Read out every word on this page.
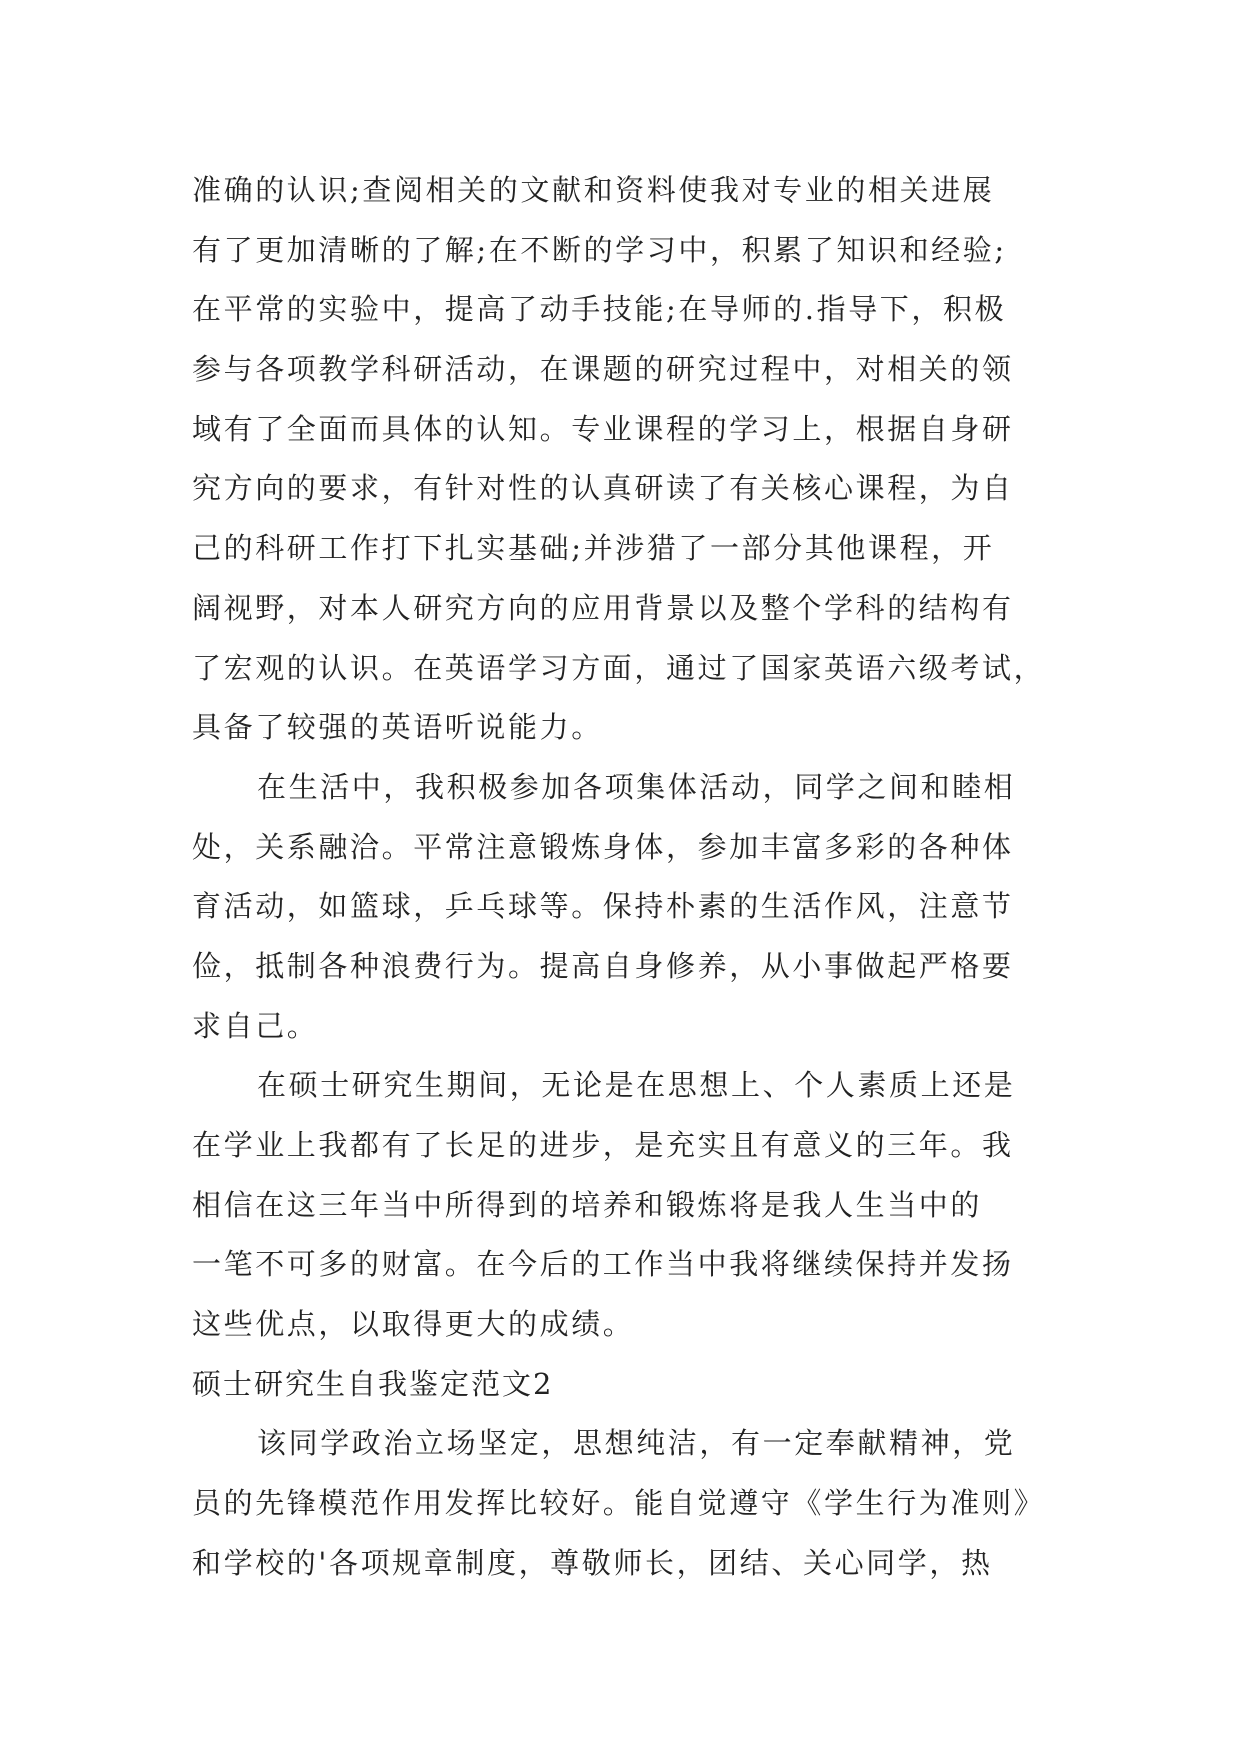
准确的认识;查阅相关的文献和资料使我对专业的相关进展
有了更加清晰的了解;在不断的学习中，积累了知识和经验;
在平常的实验中，提高了动手技能;在导师的.指导下，积极
参与各项教学科研活动，在课题的研究过程中，对相关的领
域有了全面而具体的认知。专业课程的学习上，根据自身研
究方向的要求，有针对性的认真研读了有关核心课程，为自
己的科研工作打下扎实基础;并涉猎了一部分其他课程，开
阔视野，对本人研究方向的应用背景以及整个学科的结构有
了宏观的认识。在英语学习方面，通过了国家英语六级考试，
具备了较强的英语听说能力。
在生活中，我积极参加各项集体活动，同学之间和睦相
处，关系融洽。平常注意锻炼身体，参加丰富多彩的各种体
育活动，如篮球，乒乓球等。保持朴素的生活作风，注意节
俭，抵制各种浪费行为。提高自身修养，从小事做起严格要
求自己。
在硕士研究生期间，无论是在思想上、个人素质上还是
在学业上我都有了长足的进步，是充实且有意义的三年。我
相信在这三年当中所得到的培养和锻炼将是我人生当中的
一笔不可多的财富。在今后的工作当中我将继续保持并发扬
这些优点，以取得更大的成绩。
硕士研究生自我鉴定范文2
该同学政治立场坚定，思想纯洁，有一定奉献精神，党
员的先锋模范作用发挥比较好。能自觉遵守《学生行为准则》
和学校的'各项规章制度，尊敬师长，团结、关心同学，热
